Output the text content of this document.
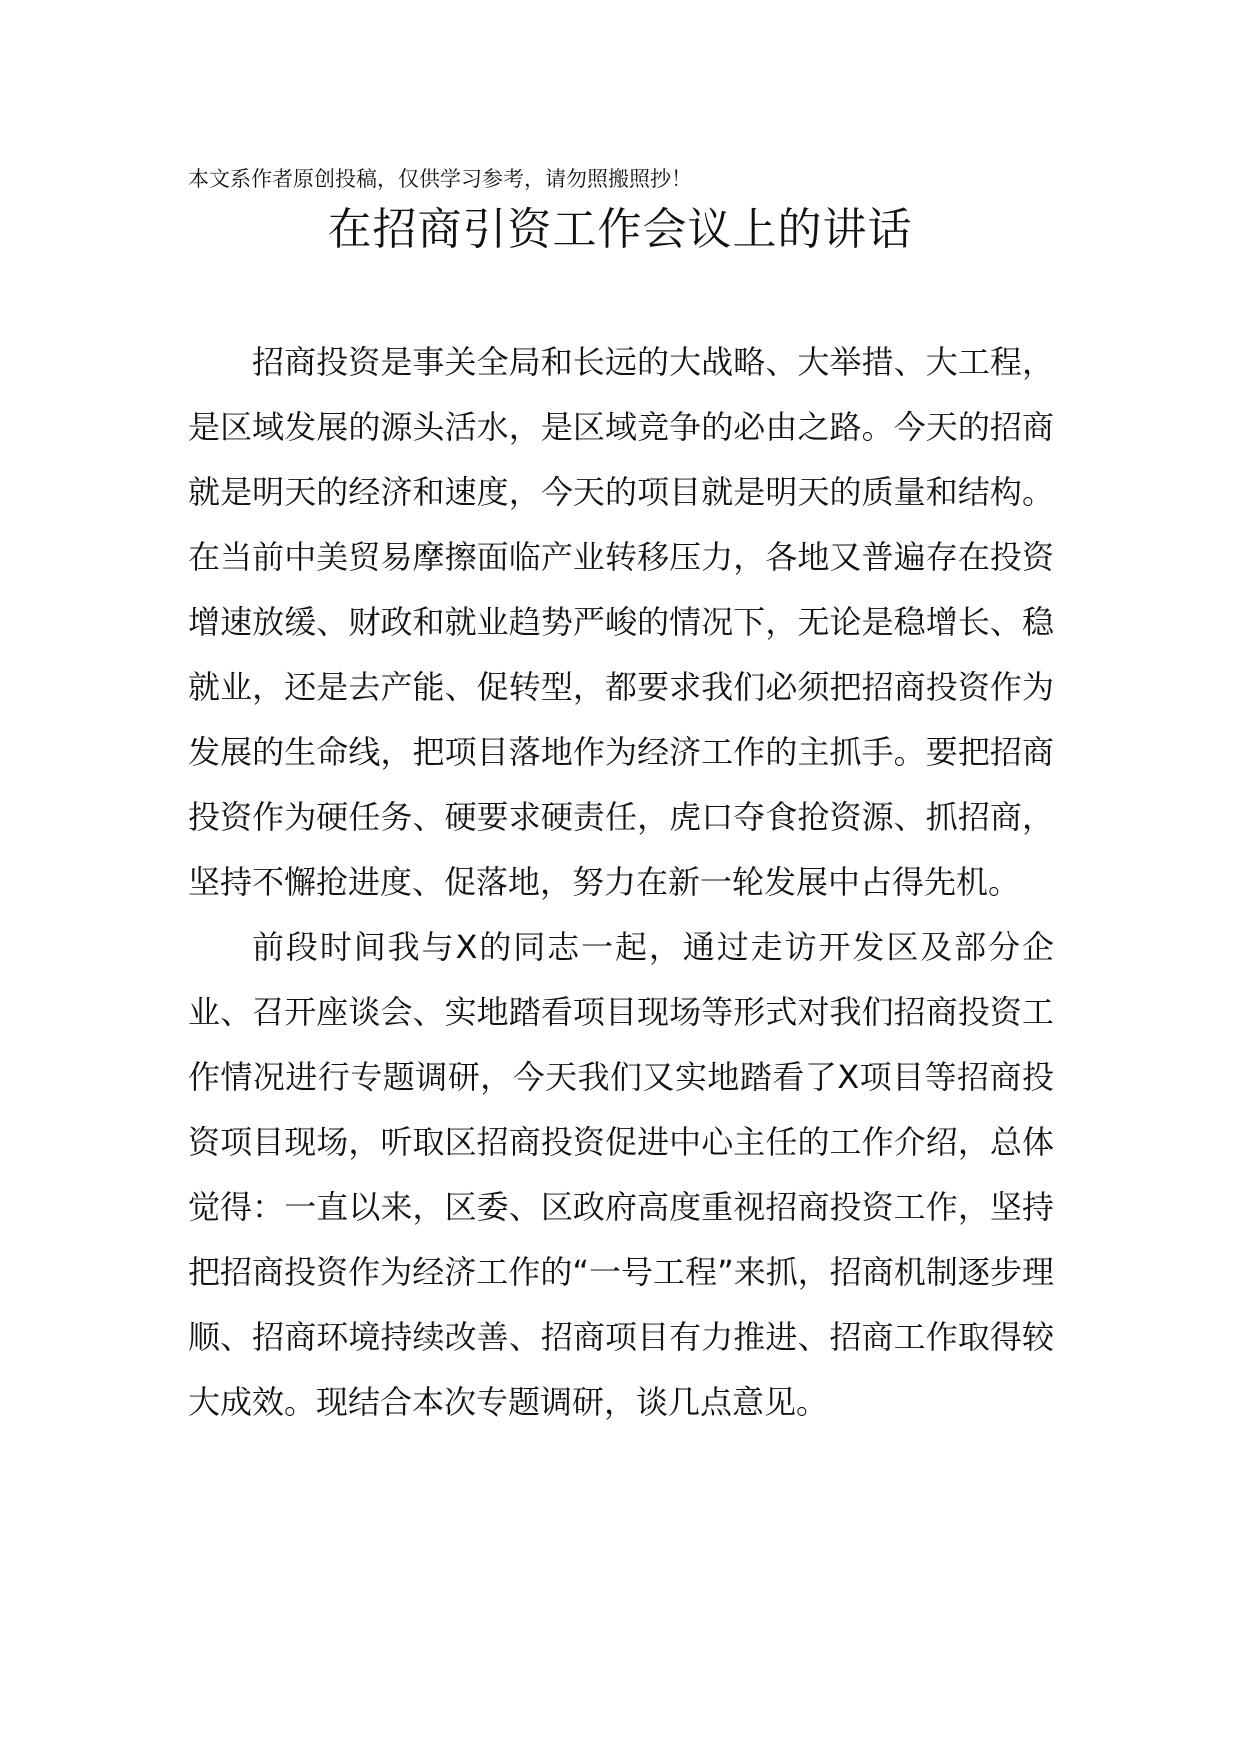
本文系作者原创投稿，仅供学习参考，请勿照搬照抄！
在招商引资工作会议上的讲话

招商投资是事关全局和长远的大战略、大举措、大工程，是区域发展的源头活水，是区域竞争的必由之路。今天的招商就是明天的经济和速度，今天的项目就是明天的质量和结构。在当前中美贸易摩擦面临产业转移压力，各地又普遍存在投资增速放缓、财政和就业趋势严峻的情况下，无论是稳增长、稳就业，还是去产能、促转型，都要求我们必须把招商投资作为发展的生命线，把项目落地作为经济工作的主抓手。要把招商投资作为硬任务、硬要求硬责任，虎口夺食抢资源、抓招商，坚持不懈抢进度、促落地，努力在新一轮发展中占得先机。

前段时间我与X的同志一起，通过走访开发区及部分企业、召开座谈会、实地踏看项目现场等形式对我们招商投资工作情况进行专题调研，今天我们又实地踏看了X项目等招商投资项目现场，听取区招商投资促进中心主任的工作介绍，总体觉得：一直以来，区委、区政府高度重视招商投资工作，坚持把招商投资作为经济工作的“一号工程”来抓，招商机制逐步理顺、招商环境持续改善、招商项目有力推进、招商工作取得较大成效。现结合本次专题调研，谈几点意见。
